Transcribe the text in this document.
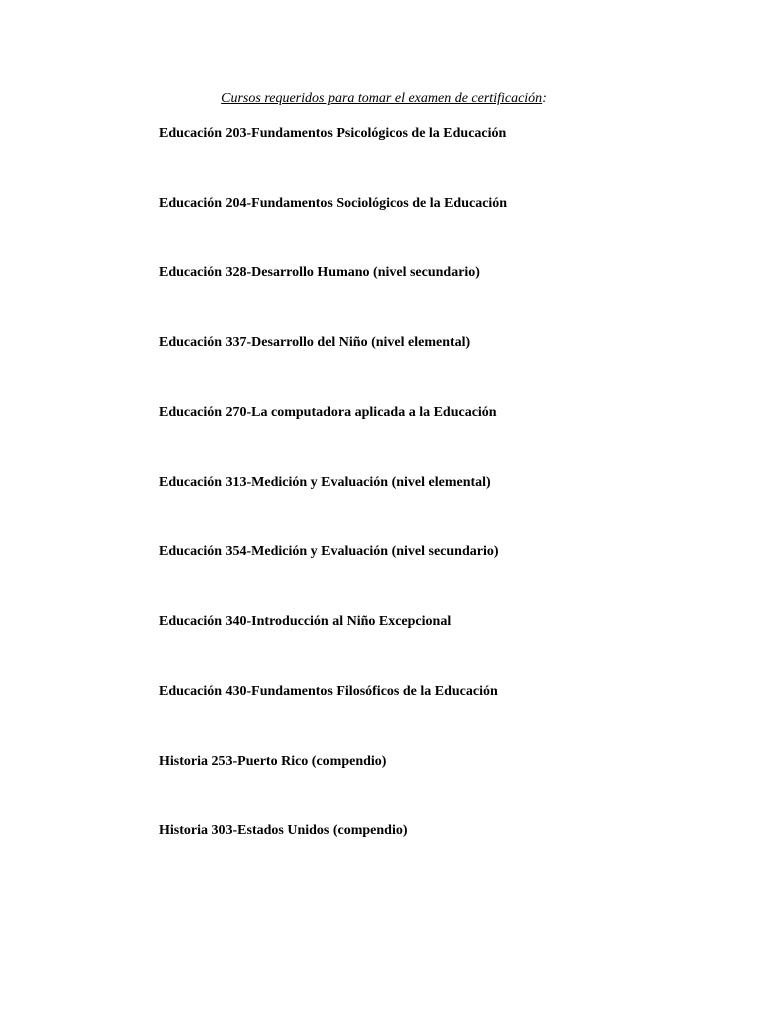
Cursos requeridos para tomar el examen de certificación:
Educación 203-Fundamentos Psicológicos de la Educación
Educación 204-Fundamentos Sociológicos de la Educación
Educación 328-Desarrollo Humano (nivel secundario)
Educación 337-Desarrollo del Niño (nivel elemental)
Educación 270-La computadora aplicada a la Educación
Educación 313-Medición y Evaluación (nivel elemental)
Educación 354-Medición y Evaluación (nivel secundario)
Educación 340-Introducción al Niño Excepcional
Educación 430-Fundamentos Filosóficos de la Educación
Historia 253-Puerto Rico (compendio)
Historia 303-Estados Unidos (compendio)
